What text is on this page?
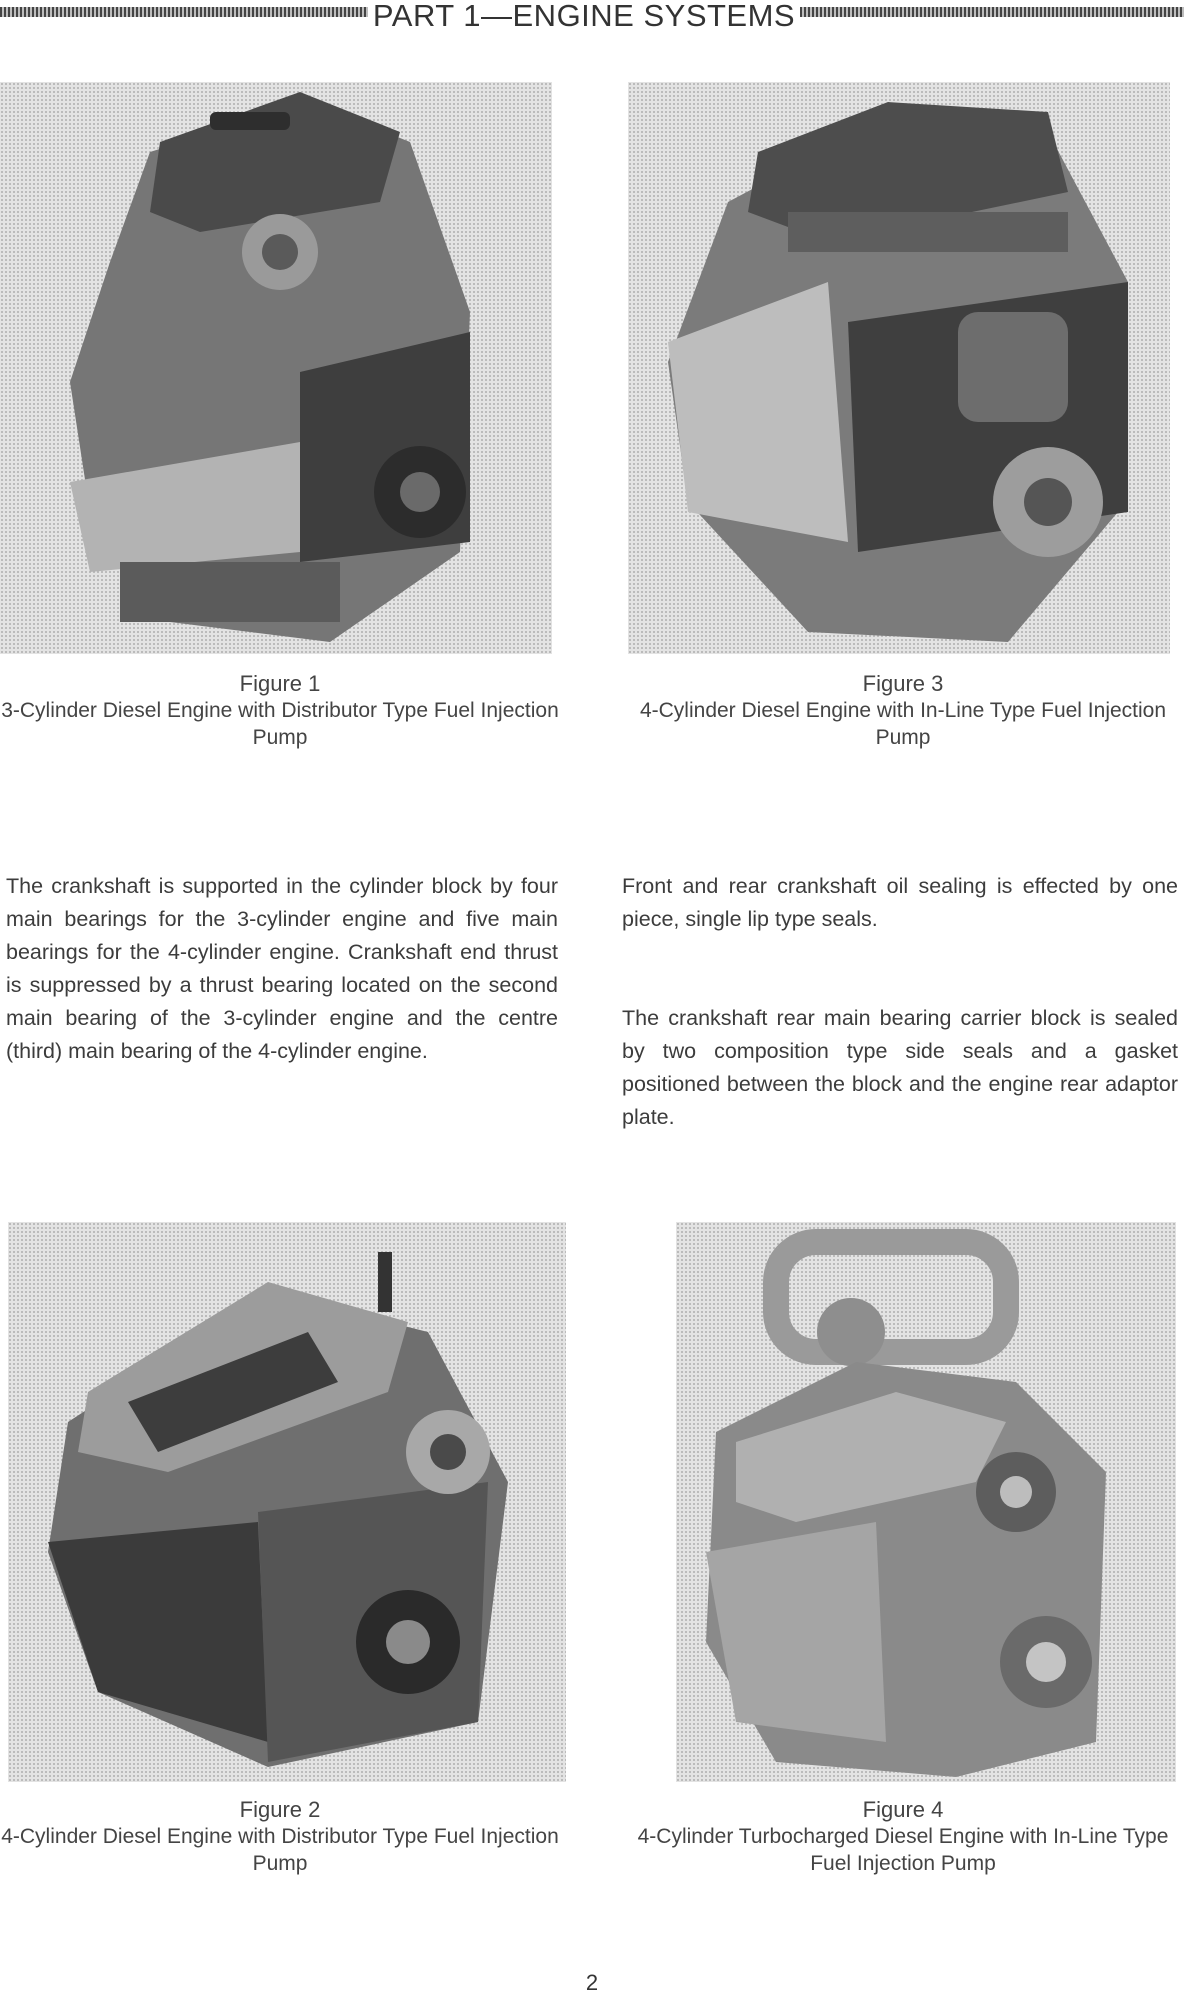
PART 1—ENGINE SYSTEMS
Figure 1
3-Cylinder Diesel Engine with Distributor Type Fuel Injection Pump
Figure 3
4-Cylinder Diesel Engine with In-Line Type Fuel Injection Pump

The crankshaft is supported in the cylinder block by four main bearings for the 3-cylinder engine and five main bearings for the 4-cylinder engine. Crankshaft end thrust is suppressed by a thrust bearing located on the second main bearing of the 3-cylinder engine and the centre (third) main bearing of the 4-cylinder engine.

Front and rear crankshaft oil sealing is effected by one piece, single lip type seals.

The crankshaft rear main bearing carrier block is sealed by two composition type side seals and a gasket positioned between the block and the engine rear adaptor plate.

Figure 2
4-Cylinder Diesel Engine with Distributor Type Fuel Injection Pump
Figure 4
4-Cylinder Turbocharged Diesel Engine with In-Line Type Fuel Injection Pump
2
